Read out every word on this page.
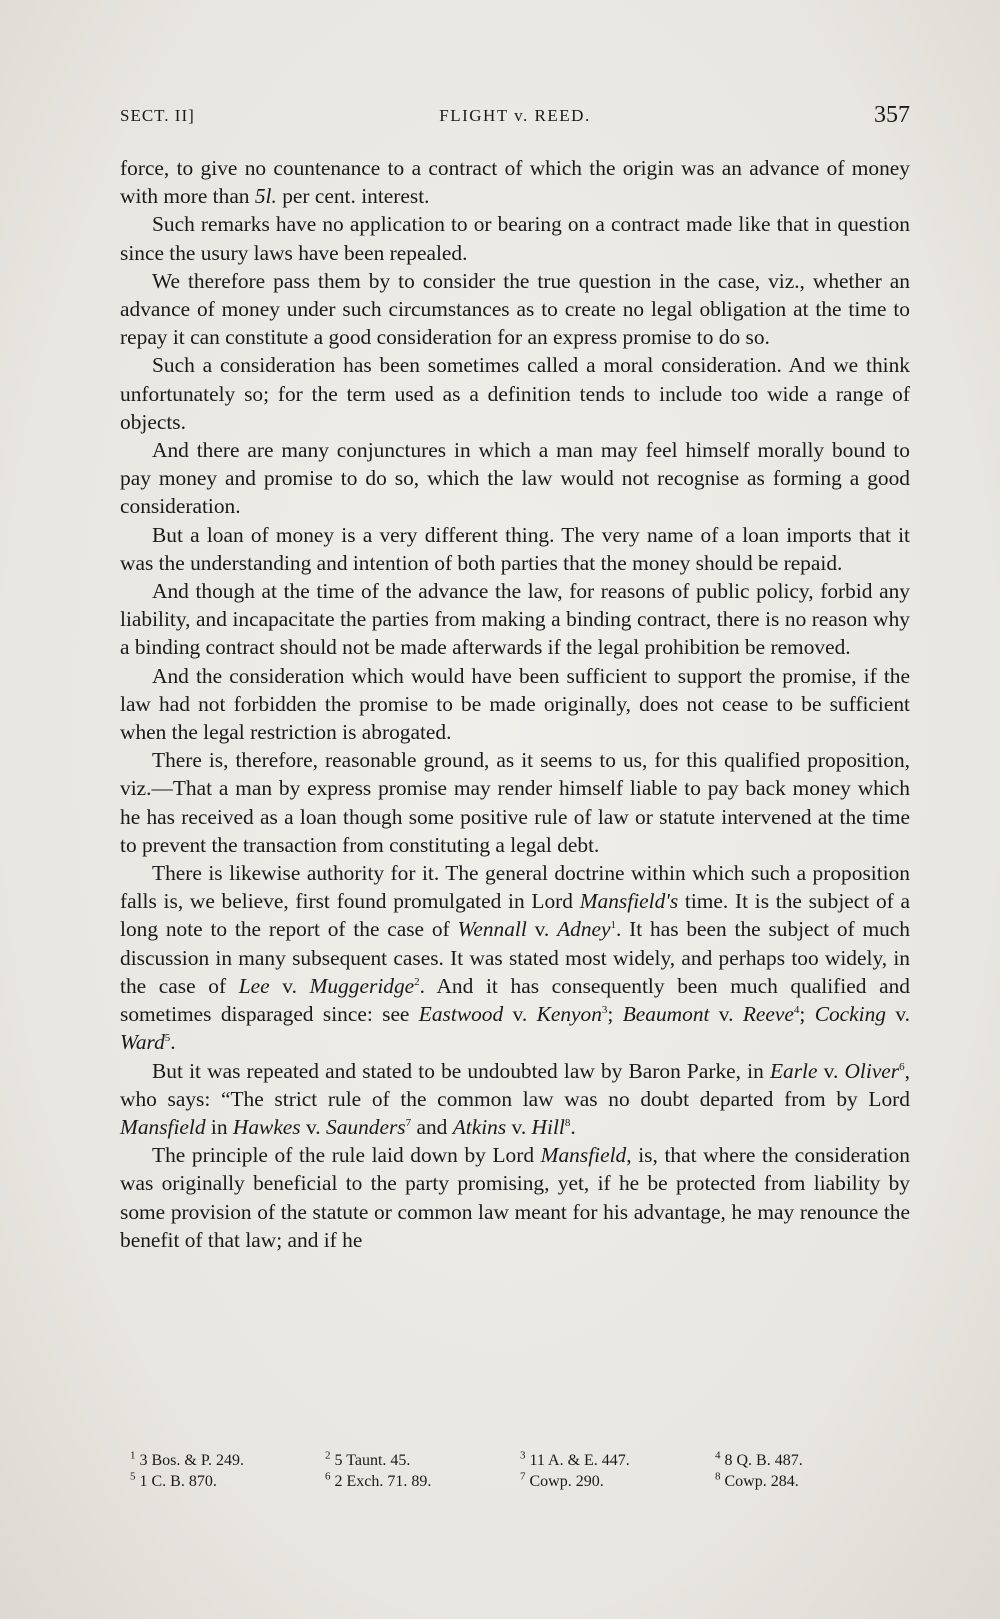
SECT. II]	FLIGHT v. REED.	357

force, to give no countenance to a contract of which the origin was an advance of money with more than 5l. per cent. interest.

Such remarks have no application to or bearing on a contract made like that in question since the usury laws have been repealed.

We therefore pass them by to consider the true question in the case, viz., whether an advance of money under such circumstances as to create no legal obligation at the time to repay it can constitute a good consideration for an express promise to do so.

Such a consideration has been sometimes called a moral consideration. And we think unfortunately so; for the term used as a definition tends to include too wide a range of objects.

And there are many conjunctures in which a man may feel himself morally bound to pay money and promise to do so, which the law would not recognise as forming a good consideration.

But a loan of money is a very different thing. The very name of a loan imports that it was the understanding and intention of both parties that the money should be repaid.

And though at the time of the advance the law, for reasons of public policy, forbid any liability, and incapacitate the parties from making a binding contract, there is no reason why a binding contract should not be made afterwards if the legal prohibition be removed.

And the consideration which would have been sufficient to support the promise, if the law had not forbidden the promise to be made originally, does not cease to be sufficient when the legal restriction is abrogated.

There is, therefore, reasonable ground, as it seems to us, for this qualified proposition, viz.—That a man by express promise may render himself liable to pay back money which he has received as a loan though some positive rule of law or statute intervened at the time to prevent the transaction from constituting a legal debt.

There is likewise authority for it. The general doctrine within which such a proposition falls is, we believe, first found promulgated in Lord Mansfield's time. It is the subject of a long note to the report of the case of Wennall v. Adney$^1$. It has been the subject of much discussion in many subsequent cases. It was stated most widely, and perhaps too widely, in the case of Lee v. Muggeridge$^2$. And it has consequently been much qualified and sometimes disparaged since: see Eastwood v. Kenyon$^3$; Beaumont v. Reeve$^4$; Cocking v. Ward$^5$.

But it was repeated and stated to be undoubted law by Baron Parke, in Earle v. Oliver$^6$, who says: “The strict rule of the common law was no doubt departed from by Lord Mansfield in Hawkes v. Saunders$^7$ and Atkins v. Hill$^8$.

The principle of the rule laid down by Lord Mansfield, is, that where the consideration was originally beneficial to the party promising, yet, if he be protected from liability by some provision of the statute or common law meant for his advantage, he may renounce the benefit of that law; and if he

$^1$ 3 Bos. & P. 249.	$^2$ 5 Taunt. 45.	$^3$ 11 A. & E. 447.	$^4$ 8 Q. B. 487.
$^5$ 1 C. B. 870.	$^6$ 2 Exch. 71. 89.	$^7$ Cowp. 290.	$^8$ Cowp. 284.
